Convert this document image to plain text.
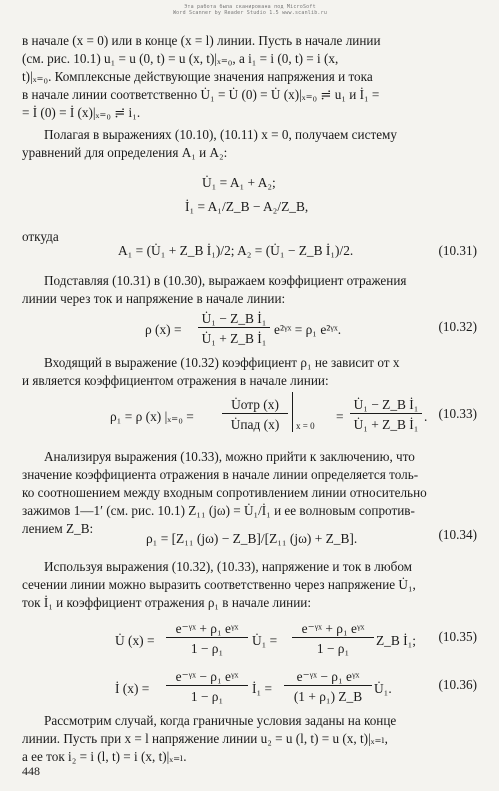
Эта работа была сканирована под MicroSoft
Word Scanner by Reader Studio 1.5 www.scanlib.ru
в начале (x = 0) или в конце (x = l) линии. Пусть в начале линии
(см. рис. 10.1) u₁ = u (0, t) = u (x, t)|ₓ₌₀, а i₁ = i (0, t) = i (x,
t)|ₓ₌₀. Комплексные действующие значения напряжения и тока
в начале линии соответственно U̇₁ = U̇ (0) = U̇ (x)|ₓ₌₀ ≓ u₁ и İ₁ =
= İ (0) = İ (x)|ₓ₌₀ ≓ i₁.
Полагая в выражениях (10.10), (10.11) x = 0, получаем систему
уравнений для определения A₁ и A₂:
U̇₁ = A₁ + A₂;
İ₁ = A₁/Z_B − A₂/Z_B,
откуда
A₁ = (U̇₁ + Z_B İ₁)/2; A₂ = (U̇₁ − Z_B İ₁)/2.	(10.31)
Подставляя (10.31) в (10.30), выражаем коэффициент отражения
линии через ток и напряжение в начале линии:
ρ (x) =
U̇₁ − Z_B İ₁
U̇₁ + Z_B İ₁
e²ᵞˣ = ρ₁ e²ᵞˣ.	(10.32)
Входящий в выражение (10.32) коэффициент ρ₁ не зависит от x
и является коэффициентом отражения в начале линии:
ρ₁ = ρ (x) |ₓ₌₀ =
U̇отр (x)
U̇пад (x)	x = 0
=
U̇₁ − Z_B İ₁
U̇₁ + Z_B İ₁
. (10.33)
Анализируя выражения (10.33), можно прийти к заключению, что
значение коэффициента отражения в начале линии определяется толь-
ко соотношением между входным сопротивлением линии относительно
зажимов 1—1′ (см. рис. 10.1) Z₁₁ (jω) = U̇₁/İ₁ и ее волновым сопротив-
лением Z_B:
ρ₁ = [Z₁₁ (jω) − Z_B]/[Z₁₁ (jω) + Z_B].	(10.34)
Используя выражения (10.32), (10.33), напряжение и ток в любом
сечении линии можно выразить соответственно через напряжение U̇₁,
ток İ₁ и коэффициент отражения ρ₁ в начале линии:
U̇ (x) =
e⁻ᵞˣ + ρ₁ eᵞˣ
1 − ρ₁
U̇₁ =
e⁻ᵞˣ + ρ₁ eᵞˣ
1 − ρ₁
Z_B İ₁; (10.35)
İ (x) =
e⁻ᵞˣ − ρ₁ eᵞˣ
1 − ρ₁
İ₁ =
e⁻ᵞˣ − ρ₁ eᵞˣ
(1 + ρ₁) Z_B
U̇₁.	(10.36)
Рассмотрим случай, когда граничные условия заданы на конце
линии. Пусть при x = l напряжение линии u₂ = u (l, t) = u (x, t)|ₓ₌ₗ,
а ее ток i₂ = i (l, t) = i (x, t)|ₓ₌ₗ.
448
